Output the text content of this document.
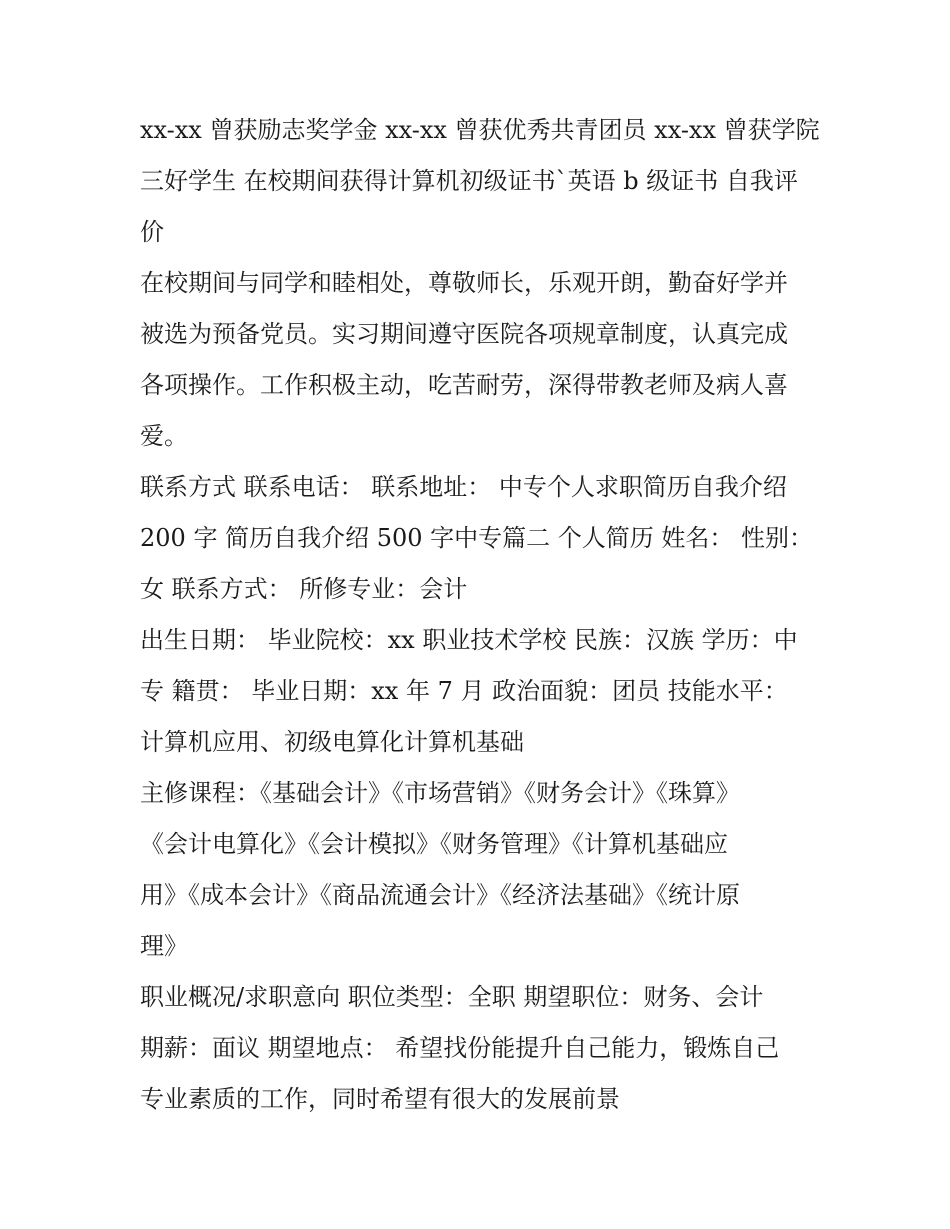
xx-xx 曾获励志奖学金 xx-xx 曾获优秀共青团员 xx-xx 曾获学院
三好学生 在校期间获得计算机初级证书`英语 b 级证书 自我评
价
在校期间与同学和睦相处，尊敬师长，乐观开朗，勤奋好学并
被选为预备党员。实习期间遵守医院各项规章制度，认真完成
各项操作。工作积极主动，吃苦耐劳，深得带教老师及病人喜
爱。
联系方式 联系电话： 联系地址： 中专个人求职简历自我介绍
200 字 简历自我介绍 500 字中专篇二 个人简历 姓名： 性别：
女 联系方式： 所修专业：会计
出生日期： 毕业院校：xx 职业技术学校 民族：汉族 学历：中
专 籍贯： 毕业日期：xx 年 7 月 政治面貌：团员 技能水平：
计算机应用、初级电算化计算机基础
主修课程：《基础会计》《市场营销》《财务会计》《珠算》
《会计电算化》《会计模拟》《财务管理》《计算机基础应
用》《成本会计》《商品流通会计》《经济法基础》《统计原
理》
职业概况/求职意向 职位类型：全职 期望职位：财务、会计
期薪：面议 期望地点： 希望找份能提升自己能力，锻炼自己
专业素质的工作，同时希望有很大的发展前景
